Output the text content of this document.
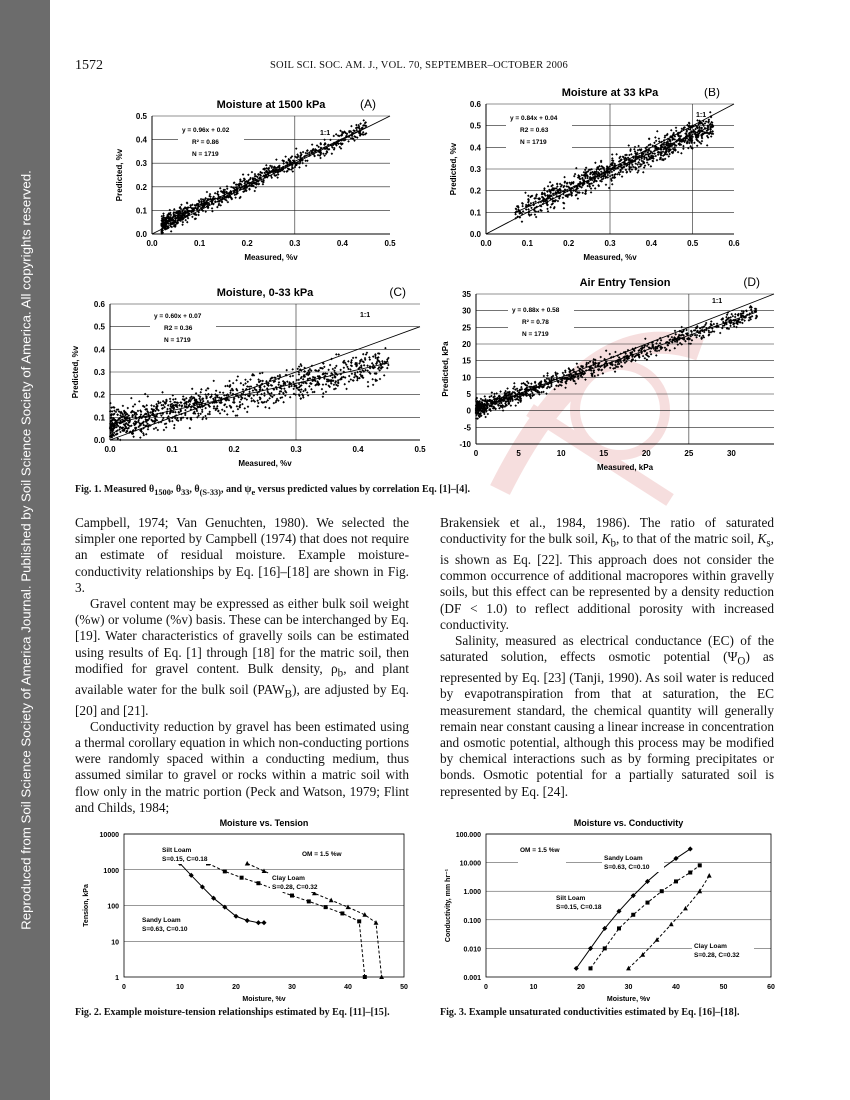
Reproduced from Soil Science Society of America Journal. Published by Soil Science Society of America. All copyrights reserved.
1572	SOIL SCI. SOC. AM. J., VOL. 70, SEPTEMBER–OCTOBER 2006
0.0
0.1
0.2
0.3
0.4
0.5
0.0	0.1	0.2	0.3	0.4	0.5
Moisture at 1500 kPa	(A)
Measured, %v
Predicted, %v
y = 0.96x + 0.02
R² = 0.86
N = 1719
1:1
0.0
0.1
0.2
0.3
0.4
0.5
0.6
0.0	0.1	0.2	0.3	0.4	0.5	0.6
Moisture at 33 kPa	(B)
Measured, %v
Predicted, %v
y = 0.84x + 0.04
R2 = 0.63
N = 1719
1:1
0.0
0.1
0.2
0.3
0.4
0.5
0.6
0.0	0.1	0.2	0.3	0.4	0.5
Moisture, 0-33 kPa	(C)
Measured, %v
Predicted, %v
y = 0.60x + 0.07
R2 = 0.36
N = 1719
1:1
-10
-5
0
5
10
15
20
25
30
35
0	5	10	15	20	25	30
Air Entry Tension	(D)
Measured, kPa
Predicted, kPa
y = 0.88x + 0.58
R² = 0.78
N = 1719
1:1
Fig. 1. Measured $\theta_{1500}$, $\theta_{33}$, $\theta_{(S-33)}$, and $\psi_e$ versus predicted values by correlation Eq. [1]–[4].

Campbell, 1974; Van Genuchten, 1980). We selected the simpler one reported by Campbell (1974) that does not require an estimate of residual moisture. Example moisture-conductivity relationships by Eq. [16]–[18] are shown in Fig. 3.

Gravel content may be expressed as either bulk soil weight (%w) or volume (%v) basis. These can be interchanged by Eq. [19]. Water characteristics of gravelly soils can be estimated using results of Eq. [1] through [18] for the matric soil, then modified for gravel content. Bulk density, $\rho_b$, and plant available water for the bulk soil $(PAW_B)$, are adjusted by Eq. [20] and [21].

Conductivity reduction by gravel has been estimated using a thermal corollary equation in which non-conducting portions were randomly spaced within a conducting medium, thus assumed similar to gravel or rocks within a matric soil with flow only in the matric portion (Peck and Watson, 1979; Flint and Childs, 1984;

Brakensiek et al., 1984, 1986). The ratio of saturated conductivity for the bulk soil, $K_b$, to that of the matric soil, $K_s$, is shown as Eq. [22]. This approach does not consider the common occurrence of additional macropores within gravelly soils, but this effect can be represented by a density reduction (DF < 1.0) to reflect additional porosity with increased conductivity.

Salinity, measured as electrical conductance (EC) of the saturated solution, effects osmotic potential $(\Psi_O)$ as represented by Eq. [23] (Tanji, 1990). As soil water is reduced by evapotranspiration from that at saturation, the EC measurement standard, the chemical quantity will generally remain near constant causing a linear increase in concentration and osmotic potential, although this process may be modified by chemical interactions such as by forming precipitates or bonds. Osmotic potential for a partially saturated soil is represented by Eq. [24].

1
10
100
1000
10000
0	10	20	30	40	50
Moisture vs. Tension
Moisture, %v
Tension, kPa
OM = 1.5 %w
Silt Loam
S=0.15, C=0.18
Clay Loam
S=0.28, C=0.32
Sandy Loam
S=0.63, C=0.10
0.001
0.010
0.100
1.000
10.000
100.000
0	10	20	30	40	50	60
Moisture vs. Conductivity
Moisture, %v
Conductivity, mm hr⁻¹
OM = 1.5 %w
Sandy Loam
S=0.63, C=0.10
Silt Loam
S=0.15, C=0.18
Clay Loam
S=0.28, C=0.32
Fig. 2. Example moisture-tension relationships estimated by Eq. [11]–[15].	Fig. 3. Example unsaturated conductivities estimated by Eq. [16]–[18].
